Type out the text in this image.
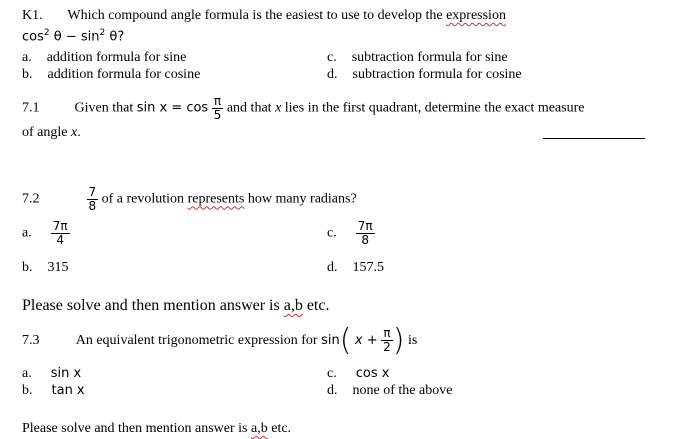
K1. Which compound angle formula is the easiest to use to develop the expression
$\cos^2 \theta - \sin^2 \theta$?
a. addition formula for sine
b. addition formula for cosine
c. subtraction formula for sine
d. subtraction formula for cosine
7.1	Given that $\sin x = \cos \frac{\pi}{5}$ and that x lies in the first quadrant, determine the exact measure
of angle x.
7.2	$\frac{7}{8}$ of a revolution represents how many radians?
a. $\frac{7\pi}{4}$
b. 315
c. $\frac{7\pi}{8}$
d. 157.5
Please solve and then mention answer is a,b etc.
7.3	An equivalent trigonometric expression for sin( $x + \frac{\pi}{2}$ ) is
a. sin x
b. tan x
c. cos x
d. none of the above
Please solve and then mention answer is a,b etc.
